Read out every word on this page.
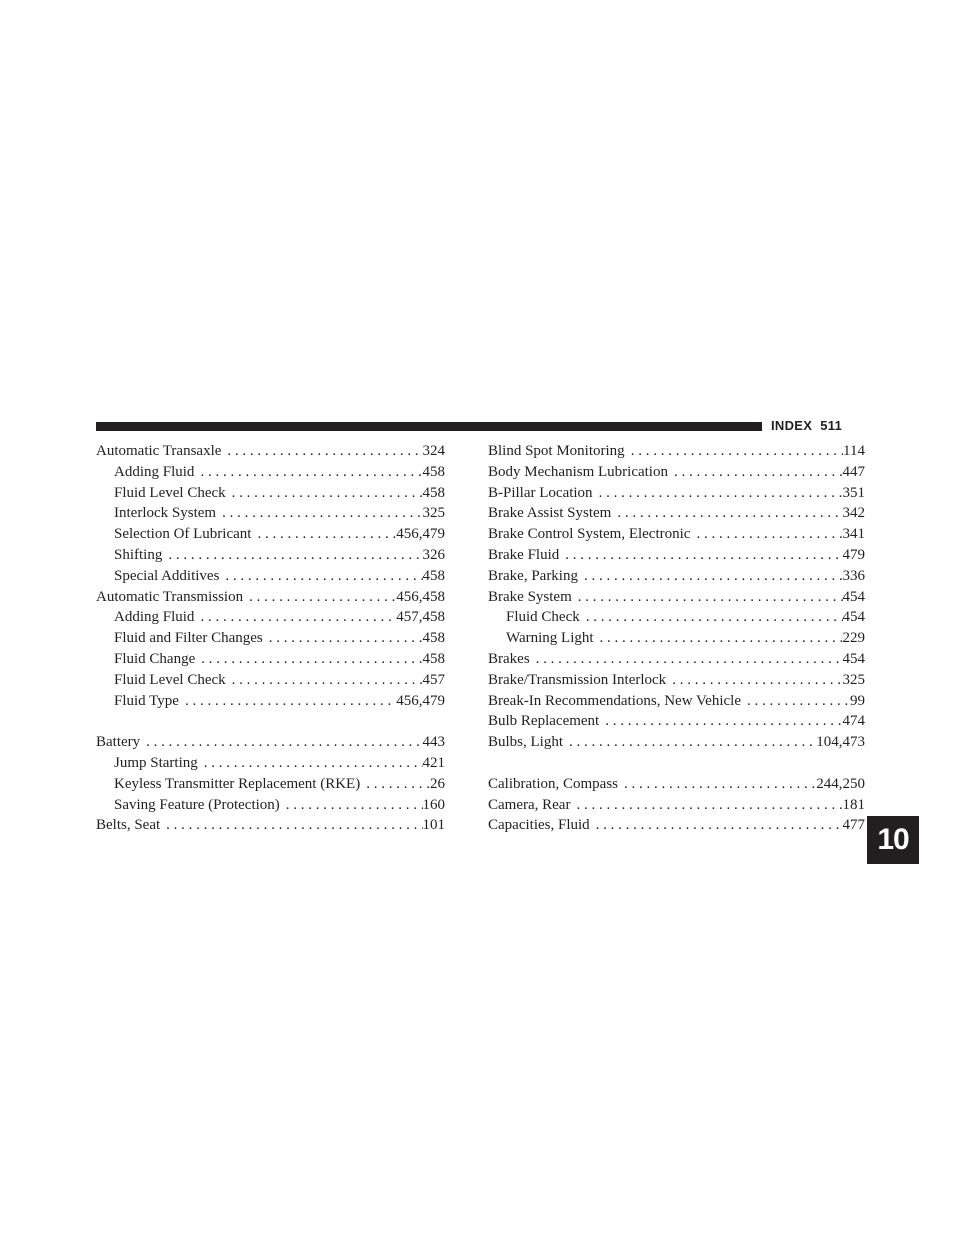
INDEX 511
Automatic Transaxle . . .	324
Adding Fluid . . .	458
Fluid Level Check . . .	458
Interlock System . . .	325
Selection Of Lubricant . . .	456,479
Shifting . . .	326
Special Additives . . .	458
Automatic Transmission . . .	456,458
Adding Fluid . . .	457,458
Fluid and Filter Changes . . .	458
Fluid Change . . .	458
Fluid Level Check . . .	457
Fluid Type . . .	456,479
Battery . . .	443
Jump Starting . . .	421
Keyless Transmitter Replacement (RKE) . . .	26
Saving Feature (Protection) . . .	160
Belts, Seat . . .	101
Blind Spot Monitoring . . .	114
Body Mechanism Lubrication . . .	447
B-Pillar Location . . .	351
Brake Assist System . . .	342
Brake Control System, Electronic . . .	341
Brake Fluid . . .	479
Brake, Parking . . .	336
Brake System . . .	454
Fluid Check . . .	454
Warning Light . . .	229
Brakes . . .	454
Brake/Transmission Interlock . . .	325
Break-In Recommendations, New Vehicle . . .	99
Bulb Replacement . . .	474
Bulbs, Light . . .	104,473
Calibration, Compass . . .	244,250
Camera, Rear . . .	181
Capacities, Fluid . . .	477 10
